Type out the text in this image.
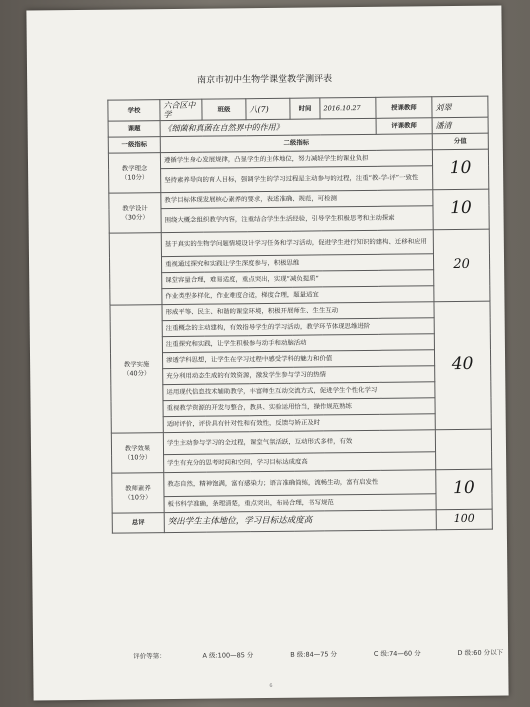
南京市初中生物学课堂教学测评表
学校	六合区中学	班级	八(7)	时间	2016.10.27	授课教师	刘翠
课题	《细菌和真菌在自然界中的作用》					评课教师	潘清
一级指标	二级指标						分值

教学理念
（10分）	遵循学生身心发展规律，凸显学生的主体地位，努力减轻学生的课业负担						10
	坚持素养导向的育人目标，强调学生的学习过程是主动参与的过程，注重“教-学-评”一致性						

教学设计
（30分）	教学目标体现发展核心素养的要求，表述准确、规范，可检测						10
	围绕大概念组织教学内容，注重结合学生生活经验，引导学生积极思考和主动探索						
	基于真实的生物学问题情境设计学习任务和学习活动，促进学生进行知识的建构、迁移和应用						20
	重视通过探究和实践让学生深度参与，积极思维						
	课堂容量合理，难易适度，重点突出，实现“减负提质”						
	作业类型多样化，作业难度合适，梯度合理，题量适宜						

教学实施
（40分）	形成平等、民主、和谐的课堂环境，积极开展师生、生生互动						40
	注重概念的主动建构，有效指导学生的学习活动，教学环节体现思维进阶						
	注重探究和实践，让学生积极参与动手和动脑活动						
	渗透学科思想，让学生在学习过程中感受学科的魅力和价值						
	充分利用动态生成的有效资源，激发学生参与学习的热情						
	运用现代信息技术辅助教学，丰富师生互动交流方式，促进学生个性化学习						
	重视教学资源的开发与整合，教具、实验运用恰当，操作规范熟练						
	适时评价，评价具有针对性和有效性，反馈与矫正及时						

教学效果
（10分）	学生主动参与学习的全过程，课堂气氛活跃，互动形式多样，有效						
	学生有充分的思考时间和空间，学习目标达成度高						

教师素养
（10分）	教态自然，精神饱满，富有感染力；语言准确简练，流畅生动，富有启发性						10
	板书科学准确，条理清楚，重点突出，布局合理，书写规范						
总评	突出学生主体地位，学习目标达成度高						100
评价等第：	A 级:100—85 分	B 级:84—75 分	C 级:74—60 分	D 级:60 分以下
6
